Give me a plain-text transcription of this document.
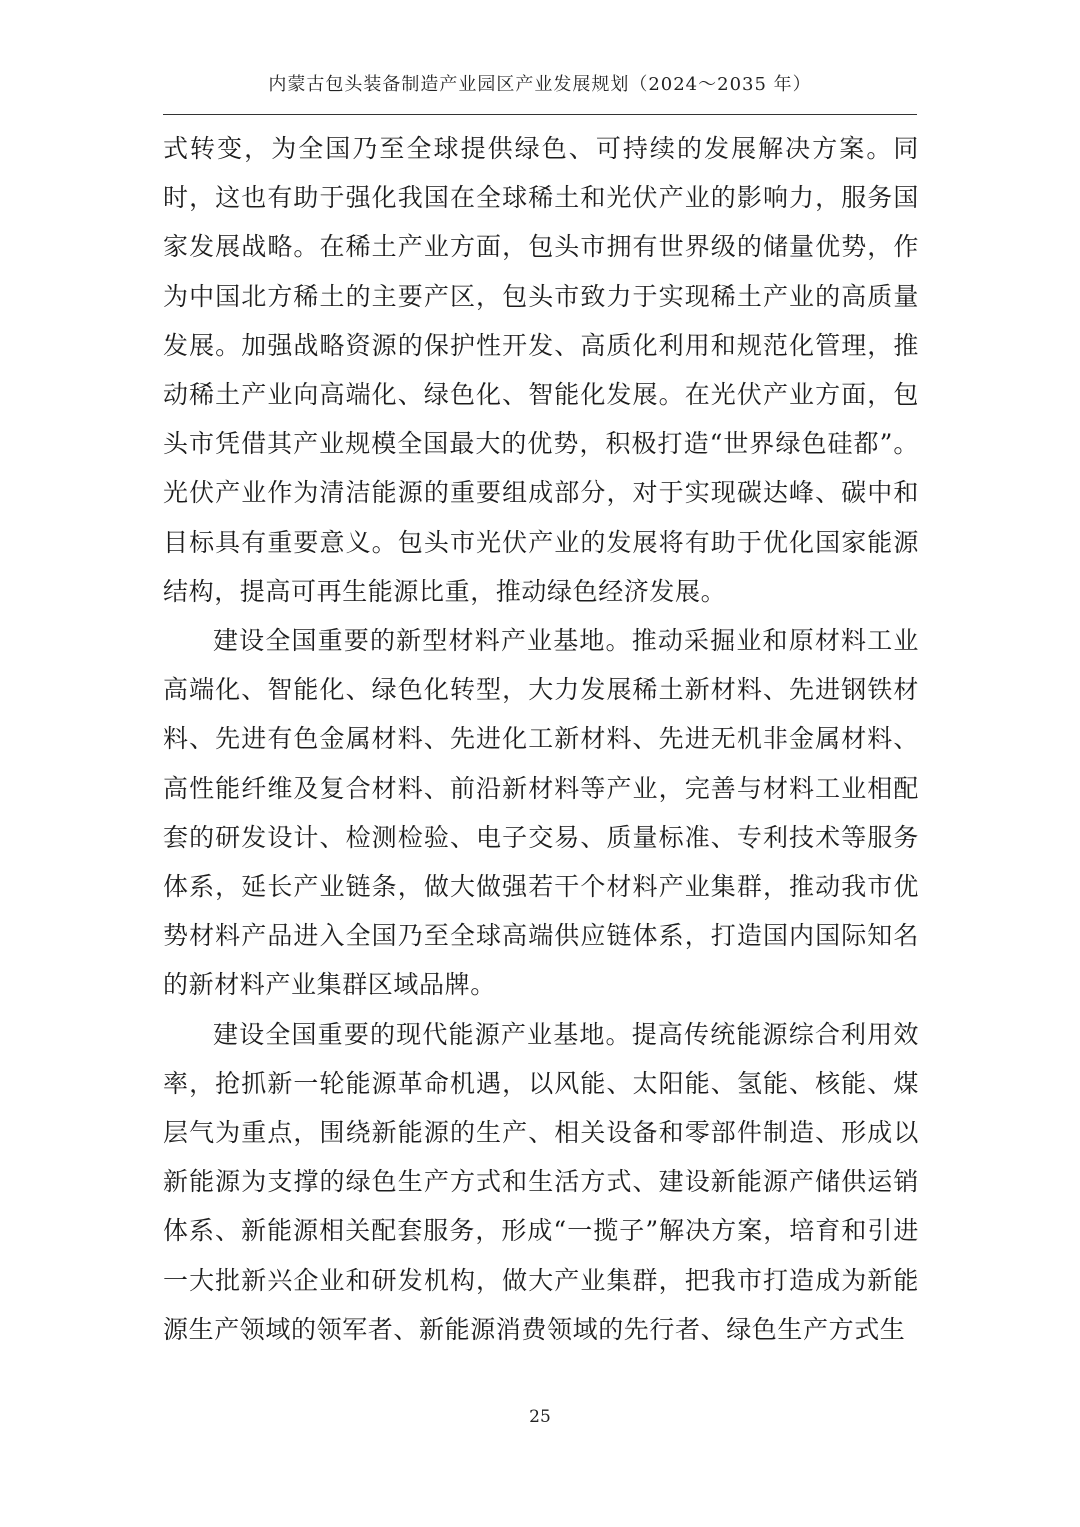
内蒙古包头装备制造产业园区产业发展规划（2024～2035 年）

式转变，为全国乃至全球提供绿色、可持续的发展解决方案。同时，这也有助于强化我国在全球稀土和光伏产业的影响力，服务国家发展战略。在稀土产业方面，包头市拥有世界级的储量优势，作为中国北方稀土的主要产区，包头市致力于实现稀土产业的高质量发展。加强战略资源的保护性开发、高质化利用和规范化管理，推动稀土产业向高端化、绿色化、智能化发展。在光伏产业方面，包头市凭借其产业规模全国最大的优势，积极打造“世界绿色硅都”。光伏产业作为清洁能源的重要组成部分，对于实现碳达峰、碳中和目标具有重要意义。包头市光伏产业的发展将有助于优化国家能源结构，提高可再生能源比重，推动绿色经济发展。

建设全国重要的新型材料产业基地。推动采掘业和原材料工业高端化、智能化、绿色化转型，大力发展稀土新材料、先进钢铁材料、先进有色金属材料、先进化工新材料、先进无机非金属材料、高性能纤维及复合材料、前沿新材料等产业，完善与材料工业相配套的研发设计、检测检验、电子交易、质量标准、专利技术等服务体系，延长产业链条，做大做强若干个材料产业集群，推动我市优势材料产品进入全国乃至全球高端供应链体系，打造国内国际知名的新材料产业集群区域品牌。

建设全国重要的现代能源产业基地。提高传统能源综合利用效率，抢抓新一轮能源革命机遇，以风能、太阳能、氢能、核能、煤层气为重点，围绕新能源的生产、相关设备和零部件制造、形成以新能源为支撑的绿色生产方式和生活方式、建设新能源产储供运销体系、新能源相关配套服务，形成“一揽子”解决方案，培育和引进一大批新兴企业和研发机构，做大产业集群，把我市打造成为新能源生产领域的领军者、新能源消费领域的先行者、绿色生产方式生

25
